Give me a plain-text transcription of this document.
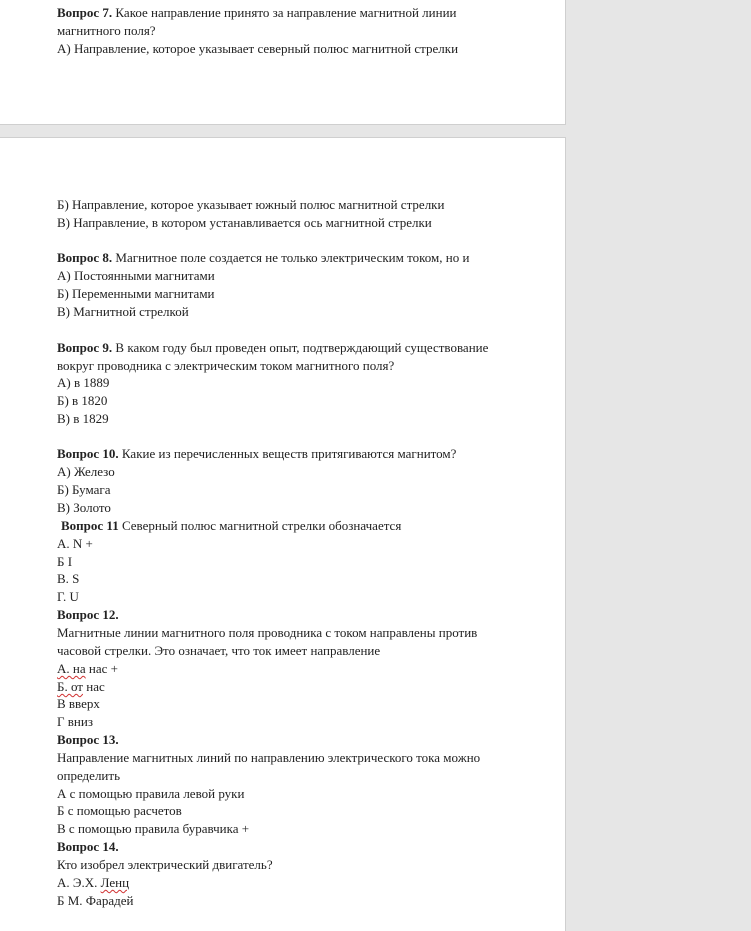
Вопрос 7. Какое направление принято за направление магнитной линии
магнитного поля?
А) Направление, которое указывает северный полюс магнитной стрелки
Б) Направление, которое указывает южный полюс магнитной стрелки
В) Направление, в котором устанавливается ось магнитной стрелки
Вопрос 8. Магнитное поле создается не только электрическим током, но и
А) Постоянными магнитами
Б) Переменными магнитами
В) Магнитной стрелкой
Вопрос 9. В каком году был проведен опыт, подтверждающий существование
вокруг проводника с электрическим током магнитного поля?
А) в 1889
Б) в 1820
В) в 1829
Вопрос 10. Какие из перечисленных веществ притягиваются магнитом?
А) Железо
Б) Бумага
В) Золото
Вопрос 11 Северный полюс магнитной стрелки обозначается
А. N +
Б I
В. S
Г. U
Вопрос 12.
Магнитные линии магнитного поля проводника с током направлены против
часовой стрелки. Это означает, что ток имеет направление
А. на нас +
Б. от нас
В вверх
Г вниз
Вопрос 13.
Направление магнитных линий по направлению электрического тока можно
определить
А с помощью правила левой руки
Б с помощью расчетов
В с помощью правила буравчика +
Вопрос 14.
Кто изобрел электрический двигатель?
А. Э.Х. Ленц
Б М. Фарадей
